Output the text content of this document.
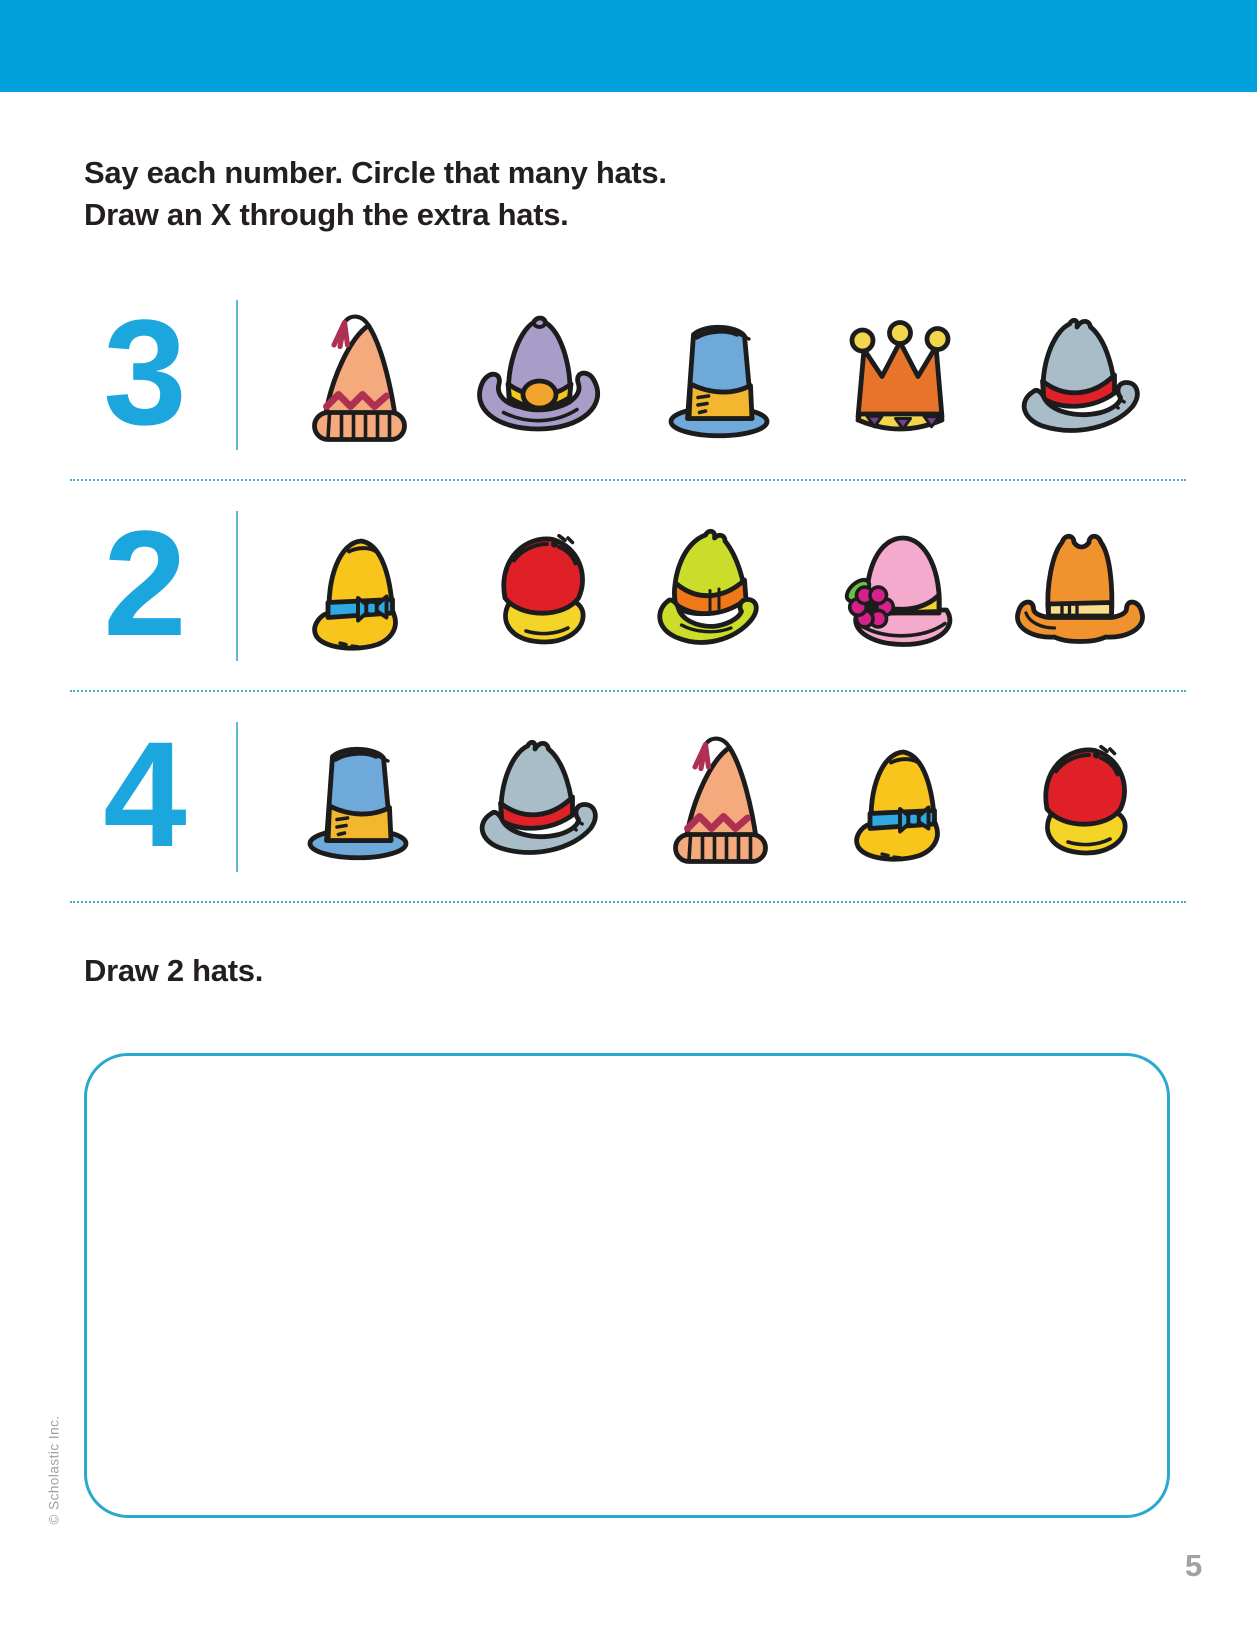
Say each number. Circle that many hats.
Draw an X through the extra hats.
3
2
4
Draw 2 hats.
© Scholastic Inc.
5
